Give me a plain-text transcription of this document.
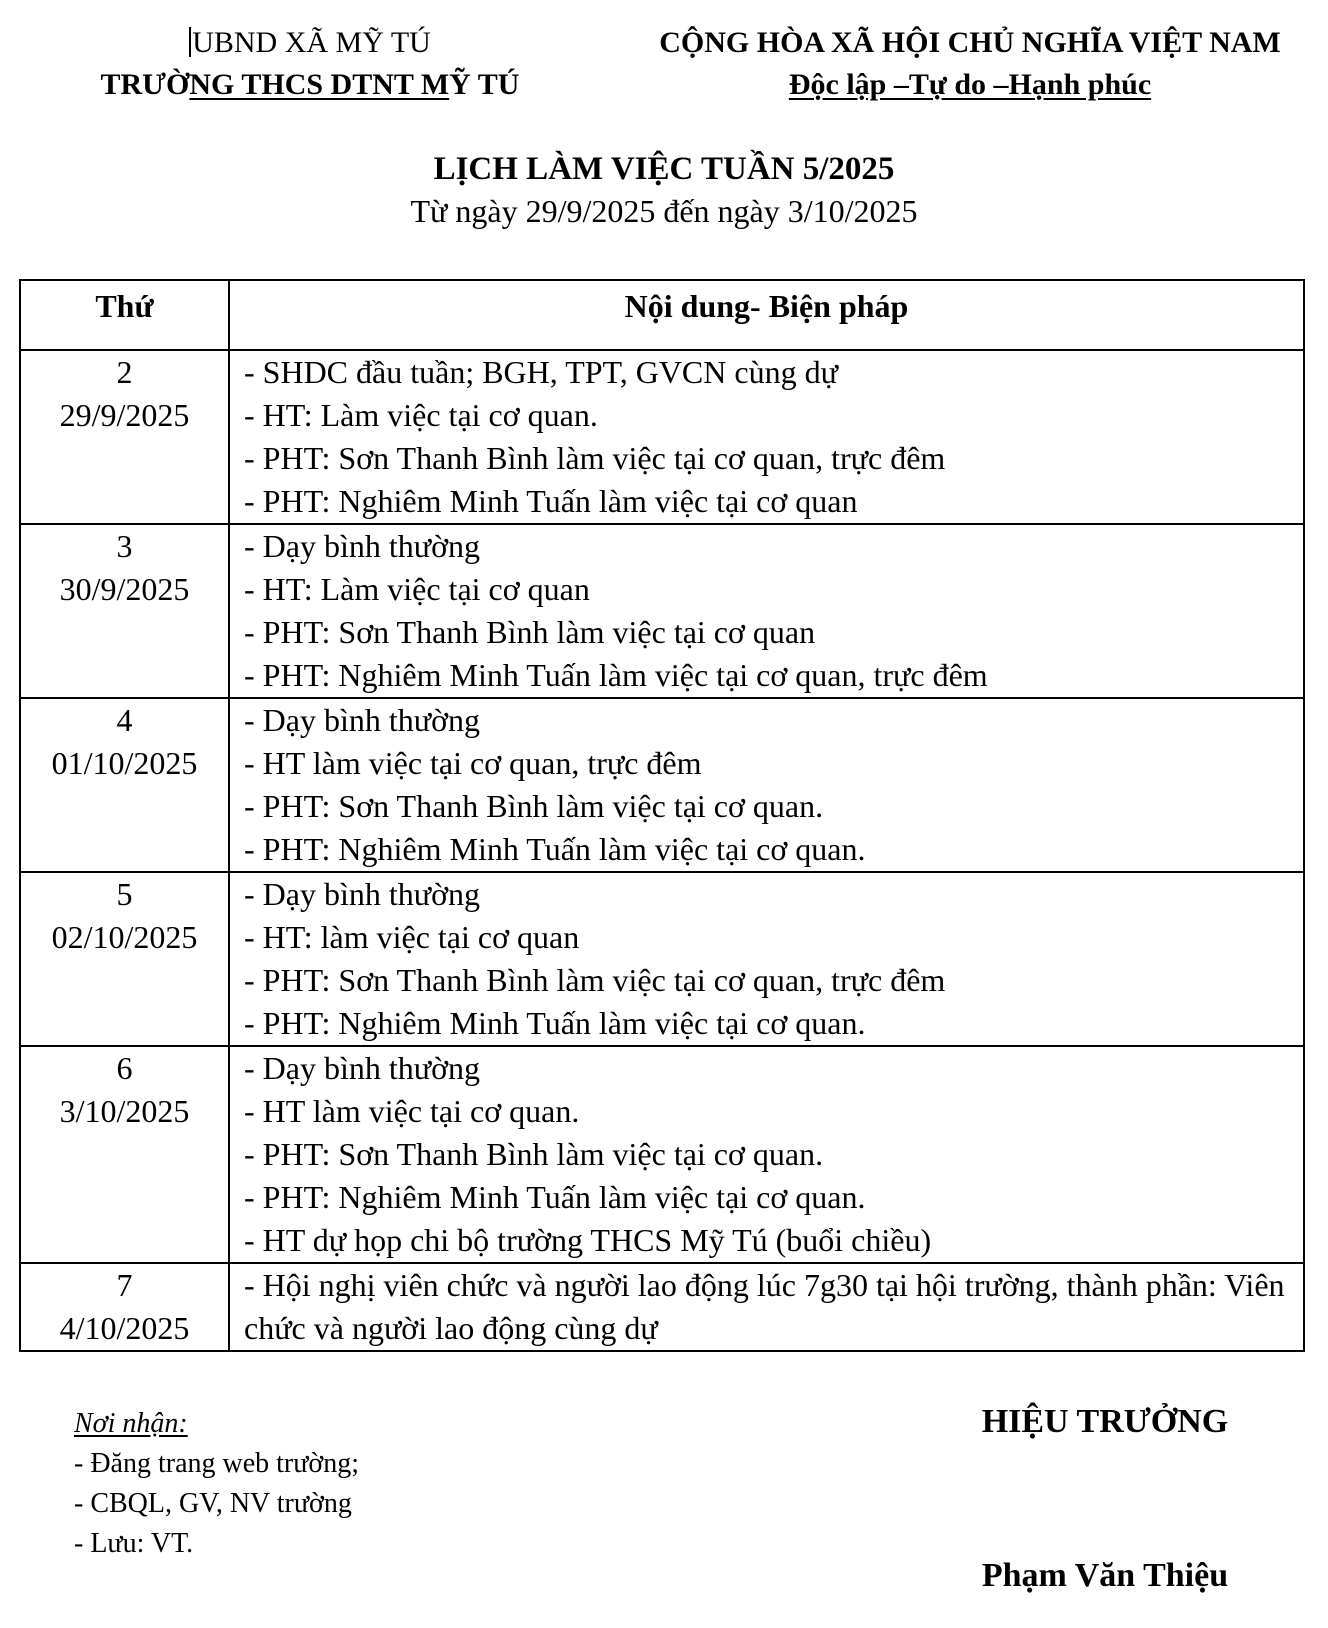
UBND XÃ MỸ TÚ
TRƯỜNG THCS DTNT MỸ TÚ
CỘNG HÒA XÃ HỘI CHỦ NGHĨA VIỆT NAM
Độc lập –Tự do –Hạnh phúc
LỊCH LÀM VIỆC TUẦN 5/2025
Từ ngày 29/9/2025 đến ngày 3/10/2025
Thứ	Nội dung- Biện pháp

2
29/9/2025	- SHDC đầu tuần; BGH, TPT, GVCN cùng dự
- HT: Làm việc tại cơ quan.
- PHT: Sơn Thanh Bình làm việc tại cơ quan, trực đêm
- PHT: Nghiêm Minh Tuấn làm việc tại cơ quan

3
30/9/2025	- Dạy bình thường
- HT: Làm việc tại cơ quan
- PHT: Sơn Thanh Bình làm việc tại cơ quan
- PHT: Nghiêm Minh Tuấn làm việc tại cơ quan, trực đêm

4
01/10/2025	- Dạy bình thường
- HT làm việc tại cơ quan, trực đêm
- PHT: Sơn Thanh Bình làm việc tại cơ quan.
- PHT: Nghiêm Minh Tuấn làm việc tại cơ quan.

5
02/10/2025	- Dạy bình thường
- HT: làm việc tại cơ quan
- PHT: Sơn Thanh Bình làm việc tại cơ quan, trực đêm
- PHT: Nghiêm Minh Tuấn làm việc tại cơ quan.

6
3/10/2025	- Dạy bình thường
- HT làm việc tại cơ quan.
- PHT: Sơn Thanh Bình làm việc tại cơ quan.
- PHT: Nghiêm Minh Tuấn làm việc tại cơ quan.
- HT dự họp chi bộ trường THCS Mỹ Tú (buổi chiều)

7
4/10/2025	- Hội nghị viên chức và người lao động lúc 7g30 tại hội trường, thành phần: Viên chức và người lao động cùng dự
Nơi nhận:
- Đăng trang web trường;
- CBQL, GV, NV trường
- Lưu: VT.
HIỆU TRƯỞNG
Phạm Văn Thiệu
